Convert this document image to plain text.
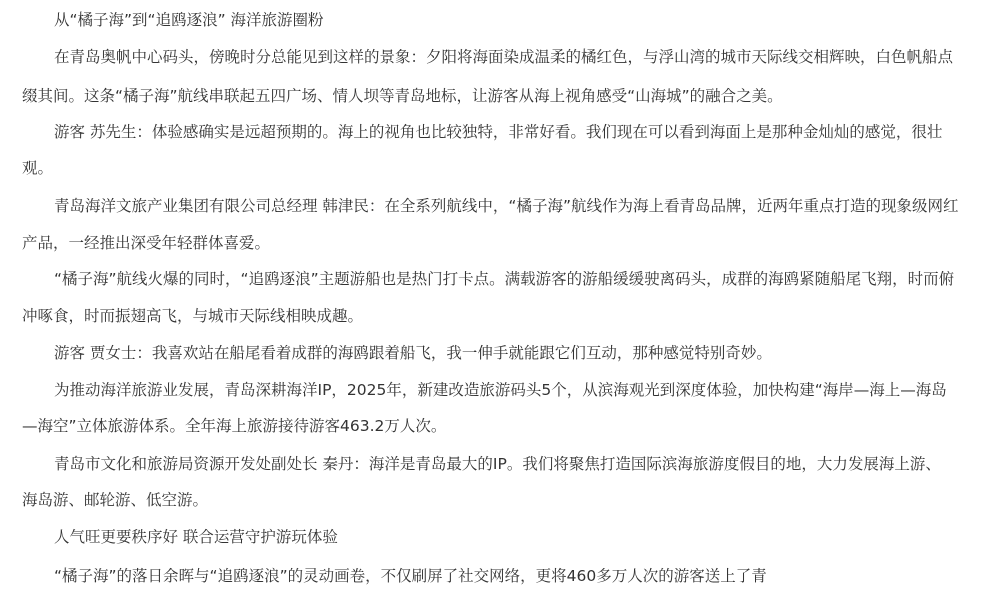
从“橘子海”到“追鸥逐浪” 海洋旅游圈粉
在青岛奥帆中心码头，傍晚时分总能见到这样的景象：夕阳将海面染成温柔的橘红色，与浮山湾的城市天际线交相辉映，白色帆船点
缀其间。这条“橘子海”航线串联起五四广场、情人坝等青岛地标，让游客从海上视角感受“山海城”的融合之美。
游客 苏先生：体验感确实是远超预期的。海上的视角也比较独特，非常好看。我们现在可以看到海面上是那种金灿灿的感觉，很壮
观。
青岛海洋文旅产业集团有限公司总经理 韩津民：在全系列航线中，“橘子海”航线作为海上看青岛品牌，近两年重点打造的现象级网红
产品，一经推出深受年轻群体喜爱。
“橘子海”航线火爆的同时，“追鸥逐浪”主题游船也是热门打卡点。满载游客的游船缓缓驶离码头，成群的海鸥紧随船尾飞翔，时而俯
冲啄食，时而振翅高飞，与城市天际线相映成趣。
游客 贾女士：我喜欢站在船尾看着成群的海鸥跟着船飞，我一伸手就能跟它们互动，那种感觉特别奇妙。
为推动海洋旅游业发展，青岛深耕海洋IP，2025年，新建改造旅游码头5个，从滨海观光到深度体验，加快构建“海岸—海上—海岛
—海空”立体旅游体系。全年海上旅游接待游客463.2万人次。
青岛市文化和旅游局资源开发处副处长 秦丹：海洋是青岛最大的IP。我们将聚焦打造国际滨海旅游度假目的地，大力发展海上游、
海岛游、邮轮游、低空游。
人气旺更要秩序好 联合运营守护游玩体验
“橘子海”的落日余晖与“追鸥逐浪”的灵动画卷，不仅刷屏了社交网络，更将460多万人次的游客送上了青
